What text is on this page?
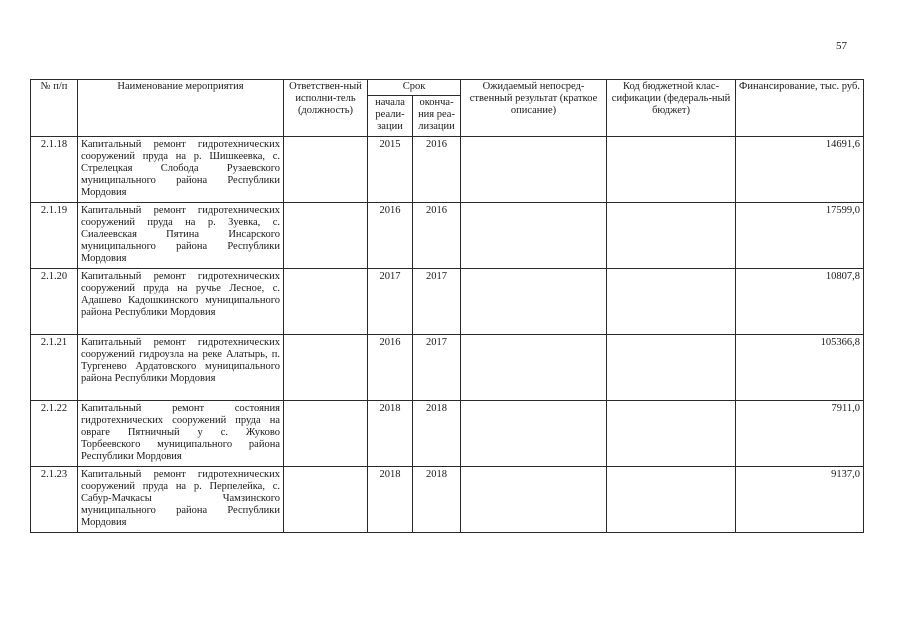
57
№ п/п	Наименование мероприятия	Ответствен-ный исполни-тель (должность)	Срок		Ожидаемый непосред-ственный результат (краткое описание)	Код бюджетной клас-сификации (федераль-ный бюджет)	Финансирование, тыс. руб.
			начала реали-зации	оконча-ния реа-лизации			
2.1.18	Капитальный ремонт гидротехнических сооружений пруда на р. Шишкеевка, с. Стрелецкая Слобода Рузаевского муниципального района Республики Мордовия		2015	2016			14691,6
2.1.19	Капитальный ремонт гидротехнических сооружений пруда на р. Зуевка, с. Сиалеевская Пятина Инсарского муниципального района Республики Мордовия		2016	2016			17599,0
2.1.20	Капитальный ремонт гидротехнических сооружений пруда на ручье Лесное, с. Адашево Кадошкинского муниципального района Республики Мордовия		2017	2017			10807,8
2.1.21	Капитальный ремонт гидротехнических сооружений гидроузла на реке Алатырь, п. Тургенево Ардатовского муниципального района Республики Мордовия		2016	2017			105366,8
2.1.22	Капитальный ремонт состояния гидротехнических сооружений пруда на овраге Пятничный у с. Жуково Торбеевского муниципального района Республики Мордовия		2018	2018			7911,0
2.1.23	Капитальный ремонт гидротехнических сооружений пруда на р. Перпелейка, с. Сабур-Мачкасы Чамзинского муниципального района Республики Мордовия		2018	2018			9137,0
